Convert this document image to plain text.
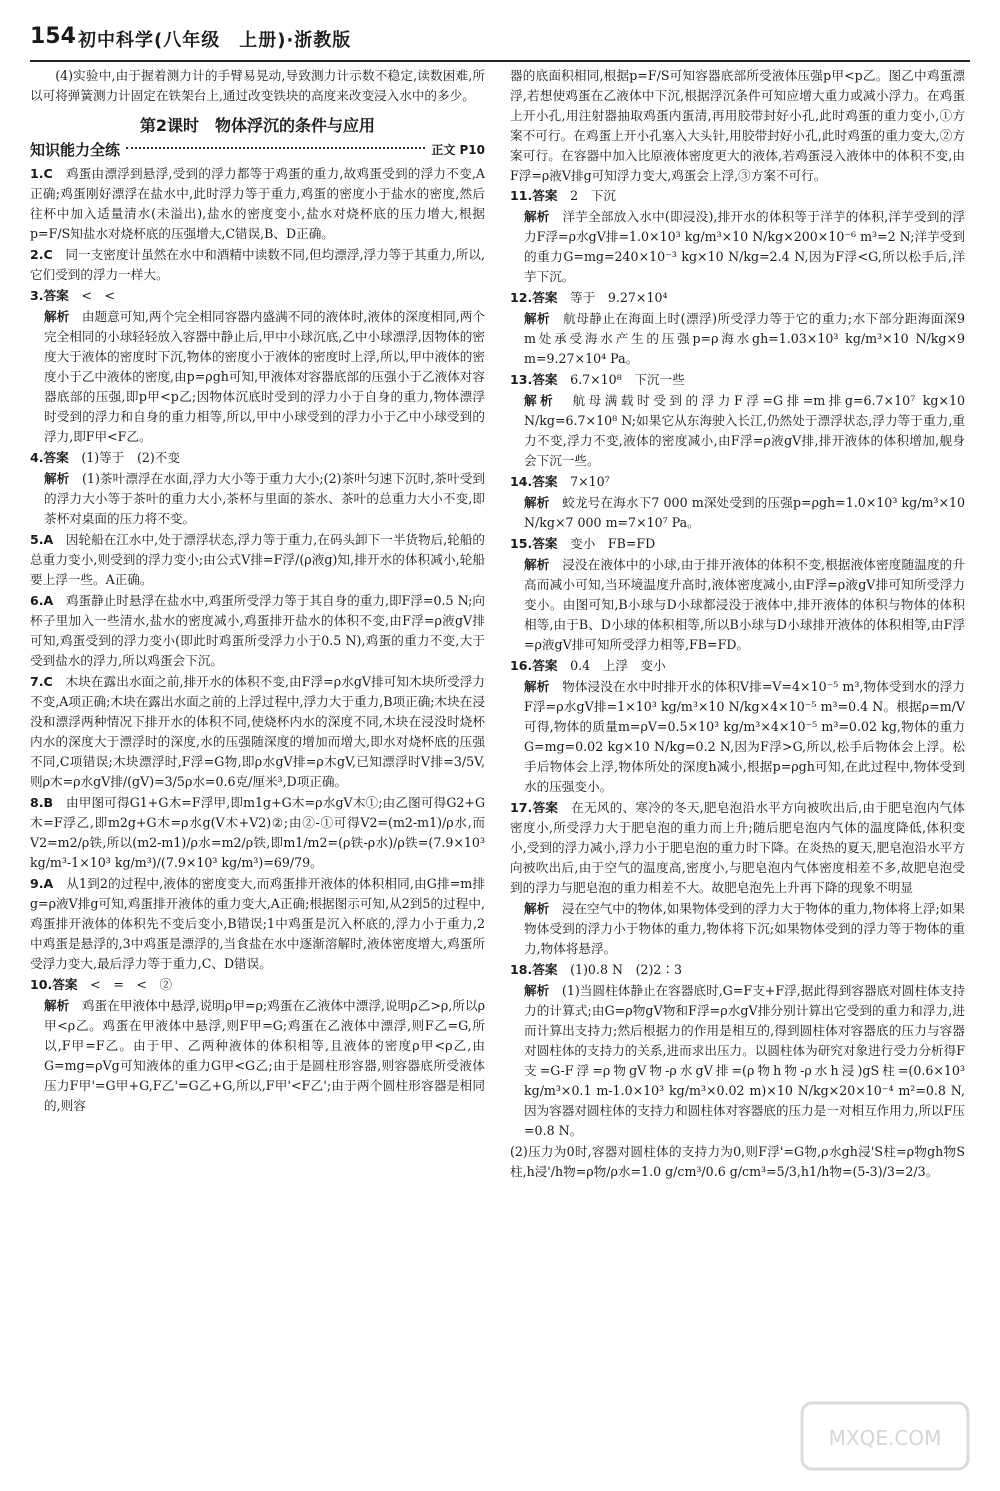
154 初中科学(八年级　上册)·浙教版

(4)实验中,由于握着测力计的手臂易晃动,导致测力计示数不稳定,读数困难,所以可将弹簧测力计固定在铁架台上,通过改变铁块的高度来改变浸入水中的多少。

第2课时　物体浮沉的条件与应用
知识能力全练	正文 P10

1.C　 鸡蛋由漂浮到悬浮,受到的浮力都等于鸡蛋的重力,故鸡蛋受到的浮力不变,A正确;鸡蛋刚好漂浮在盐水中,此时浮力等于重力,鸡蛋的密度小于盐水的密度,然后往杯中加入适量清水(未溢出),盐水的密度变小,盐水对烧杯底的压力增大,根据p=F/S知盐水对烧杯底的压强增大,C错误,B、D正确。

2.C　 同一支密度计虽然在水中和酒精中读数不同,但均漂浮,浮力等于其重力,所以,它们受到的浮力一样大。

3.答案　 <　<

解析　 由题意可知,两个完全相同容器内盛满不同的液体时,液体的深度相同,两个完全相同的小球轻轻放入容器中静止后,甲中小球沉底,乙中小球漂浮,因物体的密度大于液体的密度时下沉,物体的密度小于液体的密度时上浮,所以,甲中液体的密度小于乙中液体的密度,由p=ρgh可知,甲液体对容器底部的压强小于乙液体对容器底部的压强,即p甲<p乙;因物体沉底时受到的浮力小于自身的重力,物体漂浮时受到的浮力和自身的重力相等,所以,甲中小球受到的浮力小于乙中小球受到的浮力,即F甲<F乙。

4.答案　 (1)等于　(2)不变

解析　 (1)茶叶漂浮在水面,浮力大小等于重力大小;(2)茶叶匀速下沉时,茶叶受到的浮力大小等于茶叶的重力大小,茶杯与里面的茶水、茶叶的总重力大小不变,即茶杯对桌面的压力将不变。

5.A　 因轮船在江水中,处于漂浮状态,浮力等于重力,在码头卸下一半货物后,轮船的总重力变小,则受到的浮力变小;由公式V排=F浮/(ρ液g)知,排开水的体积减小,轮船要上浮一些。A正确。

6.A　 鸡蛋静止时悬浮在盐水中,鸡蛋所受浮力等于其自身的重力,即F浮=0.5 N;向杯子里加入一些清水,盐水的密度减小,鸡蛋排开盐水的体积不变,由F浮=ρ液gV排可知,鸡蛋受到的浮力变小(即此时鸡蛋所受浮力小于0.5 N),鸡蛋的重力不变,大于受到盐水的浮力,所以鸡蛋会下沉。

7.C　 木块在露出水面之前,排开水的体积不变,由F浮=ρ水gV排可知木块所受浮力不变,A项正确;木块在露出水面之前的上浮过程中,浮力大于重力,B项正确;木块在浸没和漂浮两种情况下排开水的体积不同,使烧杯内水的深度不同,木块在浸没时烧杯内水的深度大于漂浮时的深度,水的压强随深度的增加而增大,即水对烧杯底的压强不同,C项错误;木块漂浮时,F浮=G物,即ρ水gV排=ρ木gV,已知漂浮时V排=3/5V,则ρ木=ρ水gV排/(gV)=3/5ρ水=0.6克/厘米³,D项正确。

8.B　 由甲图可得G1+G木=F浮甲,即m1g+G木=ρ水gV木①;由乙图可得G2+G木=F浮乙,即m2g+G木=ρ水g(V木+V2)②;由②-①可得V2=(m2-m1)/ρ水,而V2=m2/ρ铁,所以(m2-m1)/ρ水=m2/ρ铁,即m1/m2=(ρ铁-ρ水)/ρ铁=(7.9×10³ kg/m³-1×10³ kg/m³)/(7.9×10³ kg/m³)=69/79。

9.A　 从1到2的过程中,液体的密度变大,而鸡蛋排开液体的体积相同,由G排=m排g=ρ液V排g可知,鸡蛋排开液体的重力变大,A正确;根据图示可知,从2到5的过程中,鸡蛋排开液体的体积先不变后变小,B错误;1中鸡蛋是沉入杯底的,浮力小于重力,2中鸡蛋是悬浮的,3中鸡蛋是漂浮的,当食盐在水中逐渐溶解时,液体密度增大,鸡蛋所受浮力变大,最后浮力等于重力,C、D错误。

10.答案　 <　=　<　②

解析　 鸡蛋在甲液体中悬浮,说明ρ甲=ρ;鸡蛋在乙液体中漂浮,说明ρ乙>ρ,所以ρ甲<ρ乙。鸡蛋在甲液体中悬浮,则F甲=G;鸡蛋在乙液体中漂浮,则F乙=G,所以,F甲=F乙。由于甲、乙两种液体的体积相等,且液体的密度ρ甲<ρ乙,由G=mg=ρVg可知液体的重力G甲<G乙;由于是圆柱形容器,则容器底所受液体压力F甲'=G甲+G,F乙'=G乙+G,所以,F甲'<F乙';由于两个圆柱形容器是相同的,则容

器的底面积相同,根据p=F/S可知容器底部所受液体压强p甲<p乙。图乙中鸡蛋漂浮,若想使鸡蛋在乙液体中下沉,根据浮沉条件可知应增大重力或减小浮力。在鸡蛋上开小孔,用注射器抽取鸡蛋内蛋清,再用胶带封好小孔,此时鸡蛋的重力变小,①方案不可行。在鸡蛋上开小孔塞入大头针,用胶带封好小孔,此时鸡蛋的重力变大,②方案可行。在容器中加入比原液体密度更大的液体,若鸡蛋浸入液体中的体积不变,由F浮=ρ液V排g可知浮力变大,鸡蛋会上浮,③方案不可行。

11.答案　 2　下沉

解析　 洋芋全部放入水中(即浸没),排开水的体积等于洋芋的体积,洋芋受到的浮力F浮=ρ水gV排=1.0×10³ kg/m³×10 N/kg×200×10⁻⁶ m³=2 N;洋芋受到的重力G=mg=240×10⁻³ kg×10 N/kg=2.4 N,因为F浮<G,所以松手后,洋芋下沉。

12.答案　 等于　9.27×10⁴

解析　 航母静止在海面上时(漂浮)所受浮力等于它的重力;水下部分距海面深9 m处承受海水产生的压强p=ρ海水gh=1.03×10³ kg/m³×10 N/kg×9 m=9.27×10⁴ Pa。

13.答案　 6.7×10⁸　下沉一些

解析　 航母满载时受到的浮力F浮=G排=m排g=6.7×10⁷ kg×10 N/kg=6.7×10⁸ N;如果它从东海驶入长江,仍然处于漂浮状态,浮力等于重力,重力不变,浮力不变,液体的密度减小,由F浮=ρ液gV排,排开液体的体积增加,舰身会下沉一些。

14.答案　 7×10⁷

解析　 蛟龙号在海水下7 000 m深处受到的压强p=ρgh=1.0×10³ kg/m³×10 N/kg×7 000 m=7×10⁷ Pa。

15.答案　 变小　FB=FD

解析　 浸没在液体中的小球,由于排开液体的体积不变,根据液体密度随温度的升高而减小可知,当环境温度升高时,液体密度减小,由F浮=ρ液gV排可知所受浮力变小。由图可知,B小球与D小球都浸没于液体中,排开液体的体积与物体的体积相等,由于B、D小球的体积相等,所以B小球与D小球排开液体的体积相等,由F浮=ρ液gV排可知所受浮力相等,FB=FD。

16.答案　 0.4　上浮　变小

解析　 物体浸没在水中时排开水的体积V排=V=4×10⁻⁵ m³,物体受到水的浮力F浮=ρ水gV排=1×10³ kg/m³×10 N/kg×4×10⁻⁵ m³=0.4 N。根据ρ=m/V可得,物体的质量m=ρV=0.5×10³ kg/m³×4×10⁻⁵ m³=0.02 kg,物体的重力G=mg=0.02 kg×10 N/kg=0.2 N,因为F浮>G,所以,松手后物体会上浮。松手后物体会上浮,物体所处的深度h减小,根据p=ρgh可知,在此过程中,物体受到水的压强变小。

17.答案　 在无风的、寒冷的冬天,肥皂泡沿水平方向被吹出后,由于肥皂泡内气体密度小,所受浮力大于肥皂泡的重力而上升;随后肥皂泡内气体的温度降低,体积变小,受到的浮力减小,浮力小于肥皂泡的重力时下降。在炎热的夏天,肥皂泡沿水平方向被吹出后,由于空气的温度高,密度小,与肥皂泡内气体密度相差不多,故肥皂泡受到的浮力与肥皂泡的重力相差不大。故肥皂泡先上升再下降的现象不明显

解析　 浸在空气中的物体,如果物体受到的浮力大于物体的重力,物体将上浮;如果物体受到的浮力小于物体的重力,物体将下沉;如果物体受到的浮力等于物体的重力,物体将悬浮。

18.答案　 (1)0.8 N　(2)2∶3

解析　 (1)当圆柱体静止在容器底时,G=F支+F浮,据此得到容器底对圆柱体支持力的计算式;由G=ρ物gV物和F浮=ρ水gV排分别计算出它受到的重力和浮力,进而计算出支持力;然后根据力的作用是相互的,得到圆柱体对容器底的压力与容器对圆柱体的支持力的关系,进而求出压力。以圆柱体为研究对象进行受力分析得F支=G-F浮=ρ物gV物-ρ水gV排=(ρ物h物-ρ水h浸)gS柱=(0.6×10³ kg/m³×0.1 m-1.0×10³ kg/m³×0.02 m)×10 N/kg×20×10⁻⁴ m²=0.8 N,因为容器对圆柱体的支持力和圆柱体对容器底的压力是一对相互作用力,所以F压=0.8 N。

(2)压力为0时,容器对圆柱体的支持力为0,则F浮'=G物,ρ水gh浸'S柱=ρ物gh物S柱,h浸'/h物=ρ物/ρ水=1.0 g/cm³/0.6 g/cm³=5/3,h1/h物=(5-3)/3=2/3。

MXQE.COM
